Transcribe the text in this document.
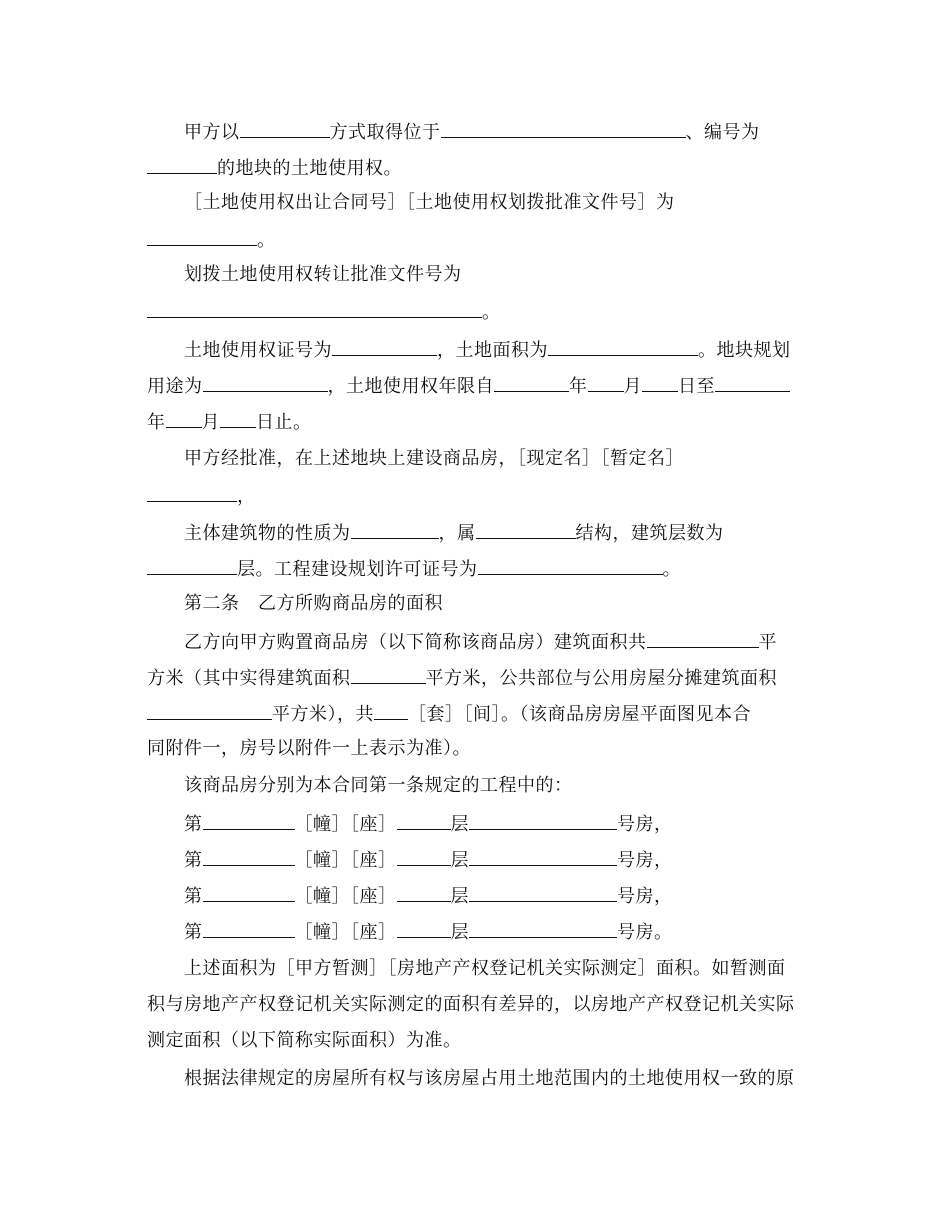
甲方以	方式取得位于	、编号为
的地块的土地使用权。
［土地使用权出让合同号］［土地使用权划拨批准文件号］为
。
划拨土地使用权转让批准文件号为
。
土地使用权证号为	，土地面积为	。地块规划
用途为	，土地使用权年限自	年 月 日至
年 月 日止。
甲方经批准，在上述地块上建设商品房，［现定名］［暂定名］
，
主体建筑物的性质为	，属	结构，建筑层数为
层。工程建设规划许可证号为	。
第二条　乙方所购商品房的面积
乙方向甲方购置商品房（以下简称该商品房）建筑面积共	平
方米（其中实得建筑面积	平方米，公共部位与公用房屋分摊建筑面积
平方米），共 ［套］［间］。（该商品房房屋平面图见本合
同附件一，房号以附件一上表示为准）。
该商品房分别为本合同第一条规定的工程中的：
第	［幢］［座］	层	号房，
第	［幢］［座］	层	号房，
第	［幢］［座］	层	号房，
第	［幢］［座］	层	号房。
上述面积为［甲方暂测］［房地产产权登记机关实际测定］面积。如暂测面
积与房地产产权登记机关实际测定的面积有差异的，以房地产产权登记机关实际
测定面积（以下简称实际面积）为准。
根据法律规定的房屋所有权与该房屋占用土地范围内的土地使用权一致的原
